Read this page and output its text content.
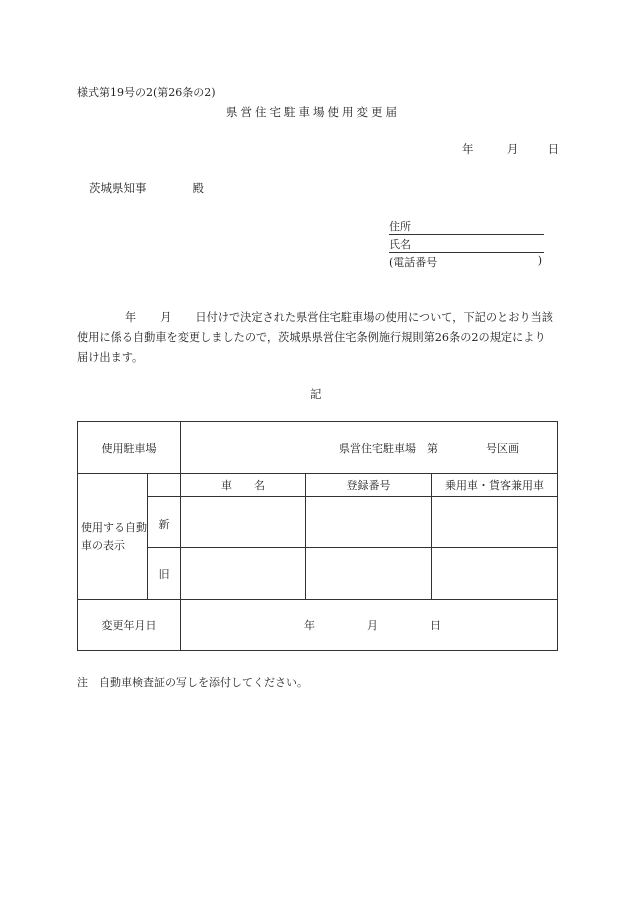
様式第19号の2(第26条の2)
県営住宅駐車場使用変更届
年	月	日
茨城県知事	殿
住所
氏名
(電話番号	)
年 月 日付けで決定された県営住宅駐車場の使用について，下記のとおり当該使用に係る自動車を変更しましたので，茨城県県営住宅条例施行規則第26条の2の規定により届け出ます。
記
使用駐車場		県営住宅駐車場　第 号区画		
使用する自動車の表示		車　　名	登録番号	乗用車・貨客兼用車
	新			
	旧			
変更年月日		年 月 日		
注　自動車検査証の写しを添付してください。
